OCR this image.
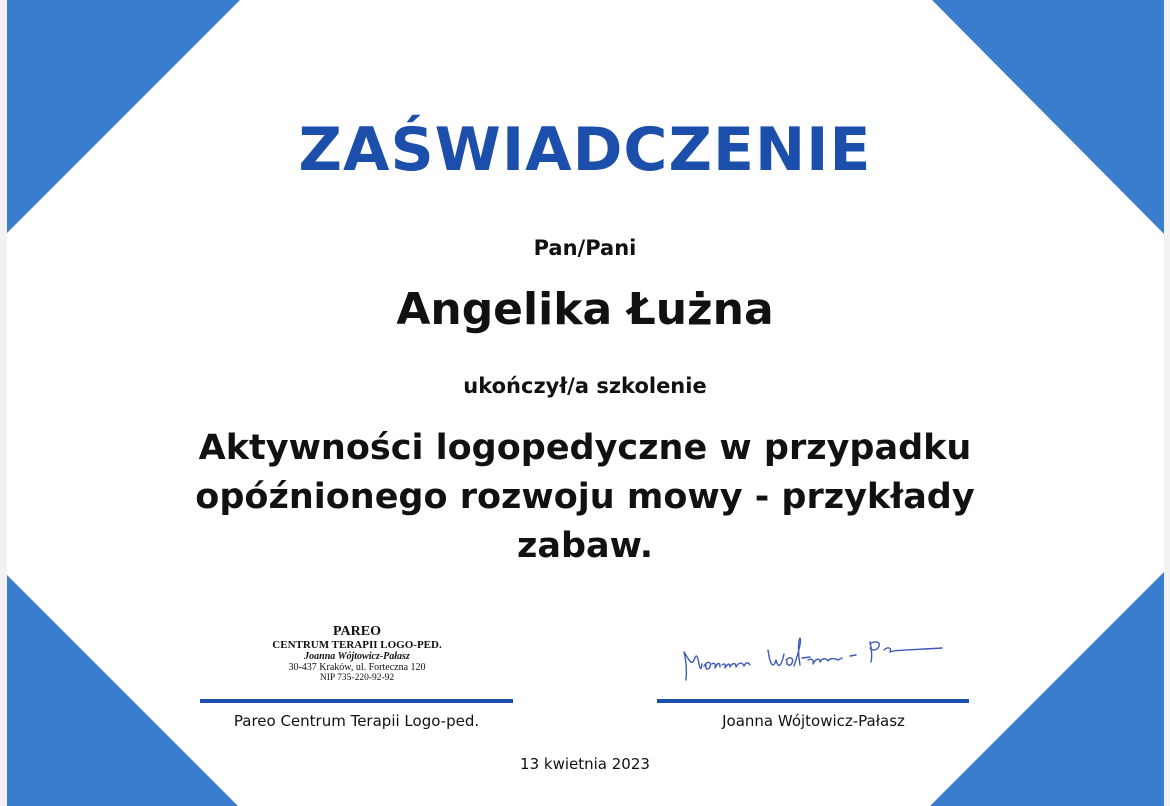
ZAŚWIADCZENIE
Pan/Pani
Angelika Łużna
ukończył/a szkolenie
Aktywności logopedyczne w przypadku opóźnionego rozwoju mowy - przykłady zabaw.
PAREO
CENTRUM TERAPII LOGO-PED.
Joanna Wójtowicz-Pałasz
30-437 Kraków, ul. Forteczna 120
NIP 735-220-92-92
Pareo Centrum Terapii Logo-ped.	Joanna Wójtowicz-Pałasz
13 kwietnia 2023
